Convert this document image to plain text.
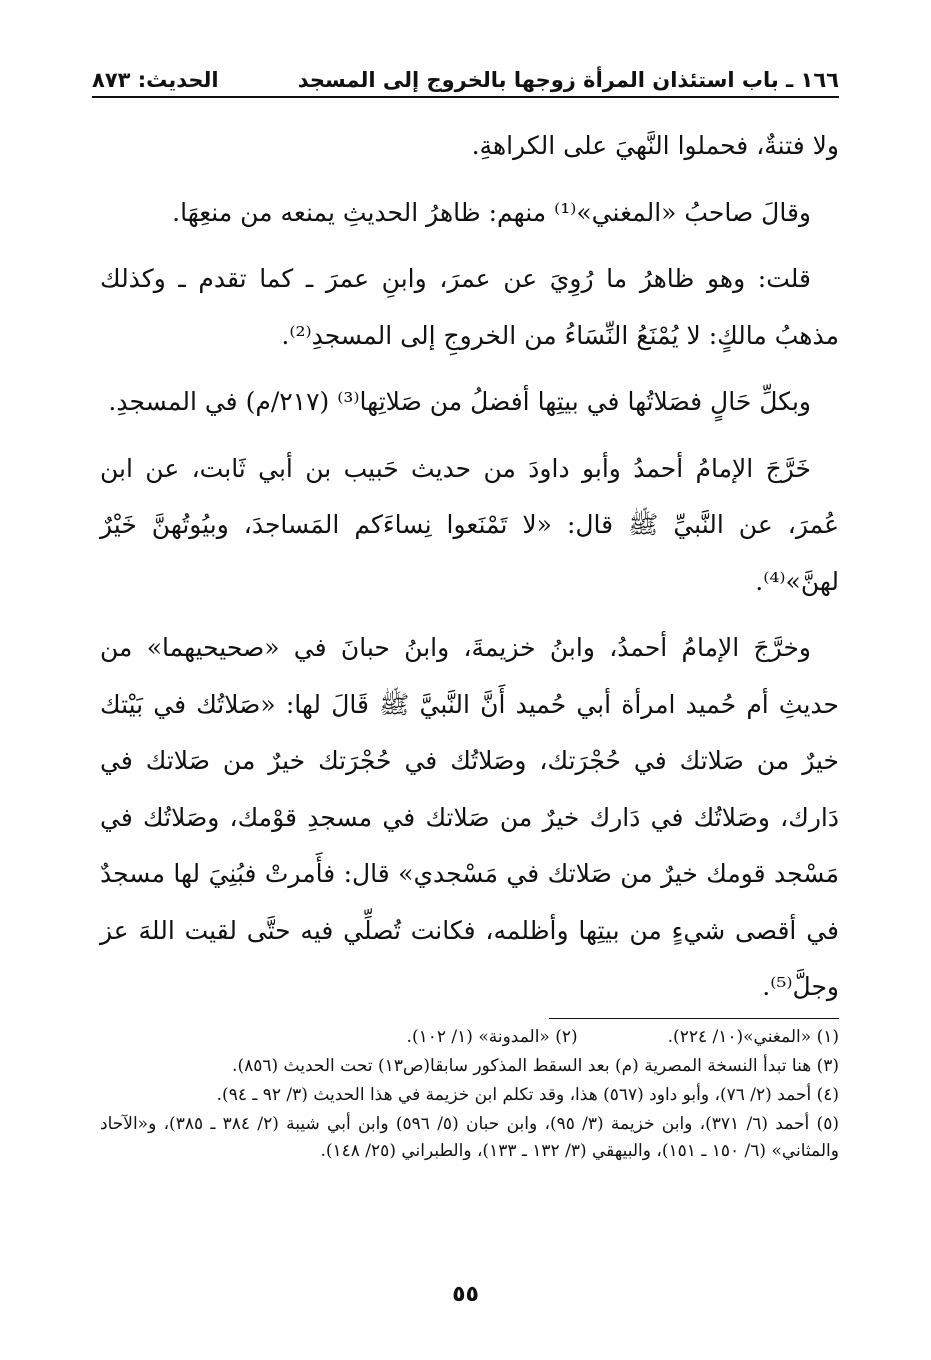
١٦٦ ـ باب استئذان المرأة زوجها بالخروج إلى المسجد
الحديث: ٨٧٣

ولا فتنةٌ، فحملوا النَّهيَ على الكراهةِ.

وقالَ صاحبُ «المغني»⁽¹⁾ منهم: ظاهرُ الحديثِ يمنعه من منعِهَا.

قلت: وهو ظاهرُ ما رُوِيَ عن عمرَ، وابنِ عمرَ ـ كما تقدم ـ وكذلك مذهبُ مالكٍ: لا يُمْنَعُ النِّسَاءُ من الخروجِ إلى المسجدِ⁽²⁾.

وبكلِّ حَالٍ فصَلاتُها في بيتِها أفضلُ من صَلاتِها⁽³⁾ (٢١٧/م) في المسجدِ.

خَرَّجَ الإمامُ أحمدُ وأبو داودَ من حديث حَبيب بن أبي ثَابت، عن ابن عُمرَ، عن النَّبيِّ ﷺ قال: «لا تَمْنَعوا نِساءَكم المَساجدَ، وبيُوتُهنَّ خَيْرٌ لهنَّ»⁽⁴⁾.

وخرَّجَ الإمامُ أحمدُ، وابنُ خزيمةَ، وابنُ حبانَ في «صحيحيهما» من حديثِ أم حُميد امرأة أبي حُميد أَنَّ النَّبيَّ ﷺ قَالَ لها: «صَلاتُك في بَيْتك خيرٌ من صَلاتك في حُجْرَتك، وصَلاتُك في حُجْرَتك خيرٌ من صَلاتك في دَارك، وصَلاتُك في دَارك خيرٌ من صَلاتك في مسجدِ قوْمك، وصَلاتُك في مَسْجد قومك خيرٌ من صَلاتك في مَسْجدي» قال: فأَمرتْ فبُنِيَ لها مسجدٌ في أقصى شيءٍ من بيتِها وأظلمه، فكانت تُصلِّي فيه حتَّى لقيت اللهَ عز وجلَّ⁽⁵⁾.

(١) «المغني»(١٠/ ٢٢٤).
(٢) «المدونة» (١/ ١٠٢).
(٣) هنا تبدأ النسخة المصرية (م) بعد السقط المذكور سابقا(ص١٣) تحت الحديث (٨٥٦).
(٤) أحمد (٢/ ٧٦)، وأبو داود (٥٦٧) هذا، وقد تكلم ابن خزيمة في هذا الحديث (٣/ ٩٢ ـ ٩٤).
(٥) أحمد (٦/ ٣٧١)، وابن خزيمة (٣/ ٩٥)، وابن حبان (٥/ ٥٩٦) وابن أبي شيبة (٢/ ٣٨٤ ـ ٣٨٥)، و«الآحاد والمثاني» (٦/ ١٥٠ ـ ١٥١)، والبيهقي (٣/ ١٣٢ ـ ١٣٣)، والطبراني (٢٥/ ١٤٨).
٥٥
